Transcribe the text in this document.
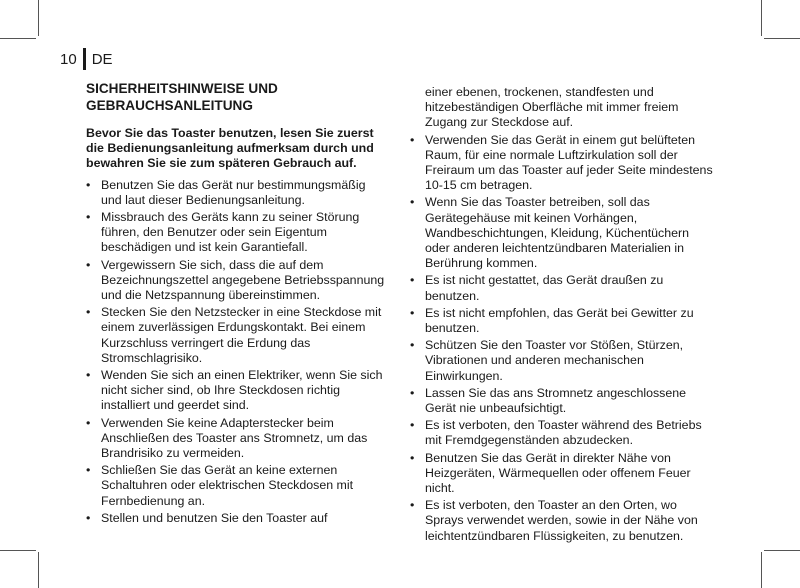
10 DE
SICHERHEITSHINWEISE UND GEBRAUCHSANLEITUNG
Bevor Sie das Toaster benutzen, lesen Sie zuerst die Bedienungsanleitung aufmerksam durch und bewahren Sie sie zum späteren Gebrauch auf.
• Benutzen Sie das Gerät nur bestimmungsmäßig und laut dieser Bedienungsanleitung.
• Missbrauch des Geräts kann zu seiner Störung führen, den Benutzer oder sein Eigentum beschädigen und ist kein Garantiefall.
• Vergewissern Sie sich, dass die auf dem Bezeichnungszettel angegebene Betriebsspannung und die Netzspannung übereinstimmen.
• Stecken Sie den Netzstecker in eine Steckdose mit einem zuverlässigen Erdungskontakt. Bei einem Kurzschluss verringert die Erdung das Stromschlagrisiko.
• Wenden Sie sich an einen Elektriker, wenn Sie sich nicht sicher sind, ob Ihre Steckdosen richtig installiert und geerdet sind.
• Verwenden Sie keine Adapterstecker beim Anschließen des Toaster ans Stromnetz, um das Brandrisiko zu vermeiden.
• Schließen Sie das Gerät an keine externen Schaltuhren oder elektrischen Steckdosen mit Fernbedienung an.
• Stellen und benutzen Sie den Toaster auf
einer ebenen, trockenen, standfesten und hitzebeständigen Oberfläche mit immer freiem Zugang zur Steckdose auf.
• Verwenden Sie das Gerät in einem gut belüfteten Raum, für eine normale Luftzirkulation soll der Freiraum um das Toaster auf jeder Seite mindestens 10-15 cm betragen.
• Wenn Sie das Toaster betreiben, soll das Gerätegehäuse mit keinen Vorhängen, Wandbeschichtungen, Kleidung, Küchentüchern oder anderen leichtentzündbaren Materialien in Berührung kommen.
• Es ist nicht gestattet, das Gerät draußen zu benutzen.
• Es ist nicht empfohlen, das Gerät bei Gewitter zu benutzen.
• Schützen Sie den Toaster vor Stößen, Stürzen, Vibrationen und anderen mechanischen Einwirkungen.
• Lassen Sie das ans Stromnetz angeschlossene Gerät nie unbeaufsichtigt.
• Es ist verboten, den Toaster während des Betriebs mit Fremdgegenständen abzudecken.
• Benutzen Sie das Gerät in direkter Nähe von Heizgeräten, Wärmequellen oder offenem Feuer nicht.
• Es ist verboten, den Toaster an den Orten, wo Sprays verwendet werden, sowie in der Nähe von leichtentzündbaren Flüssigkeiten, zu benutzen.
